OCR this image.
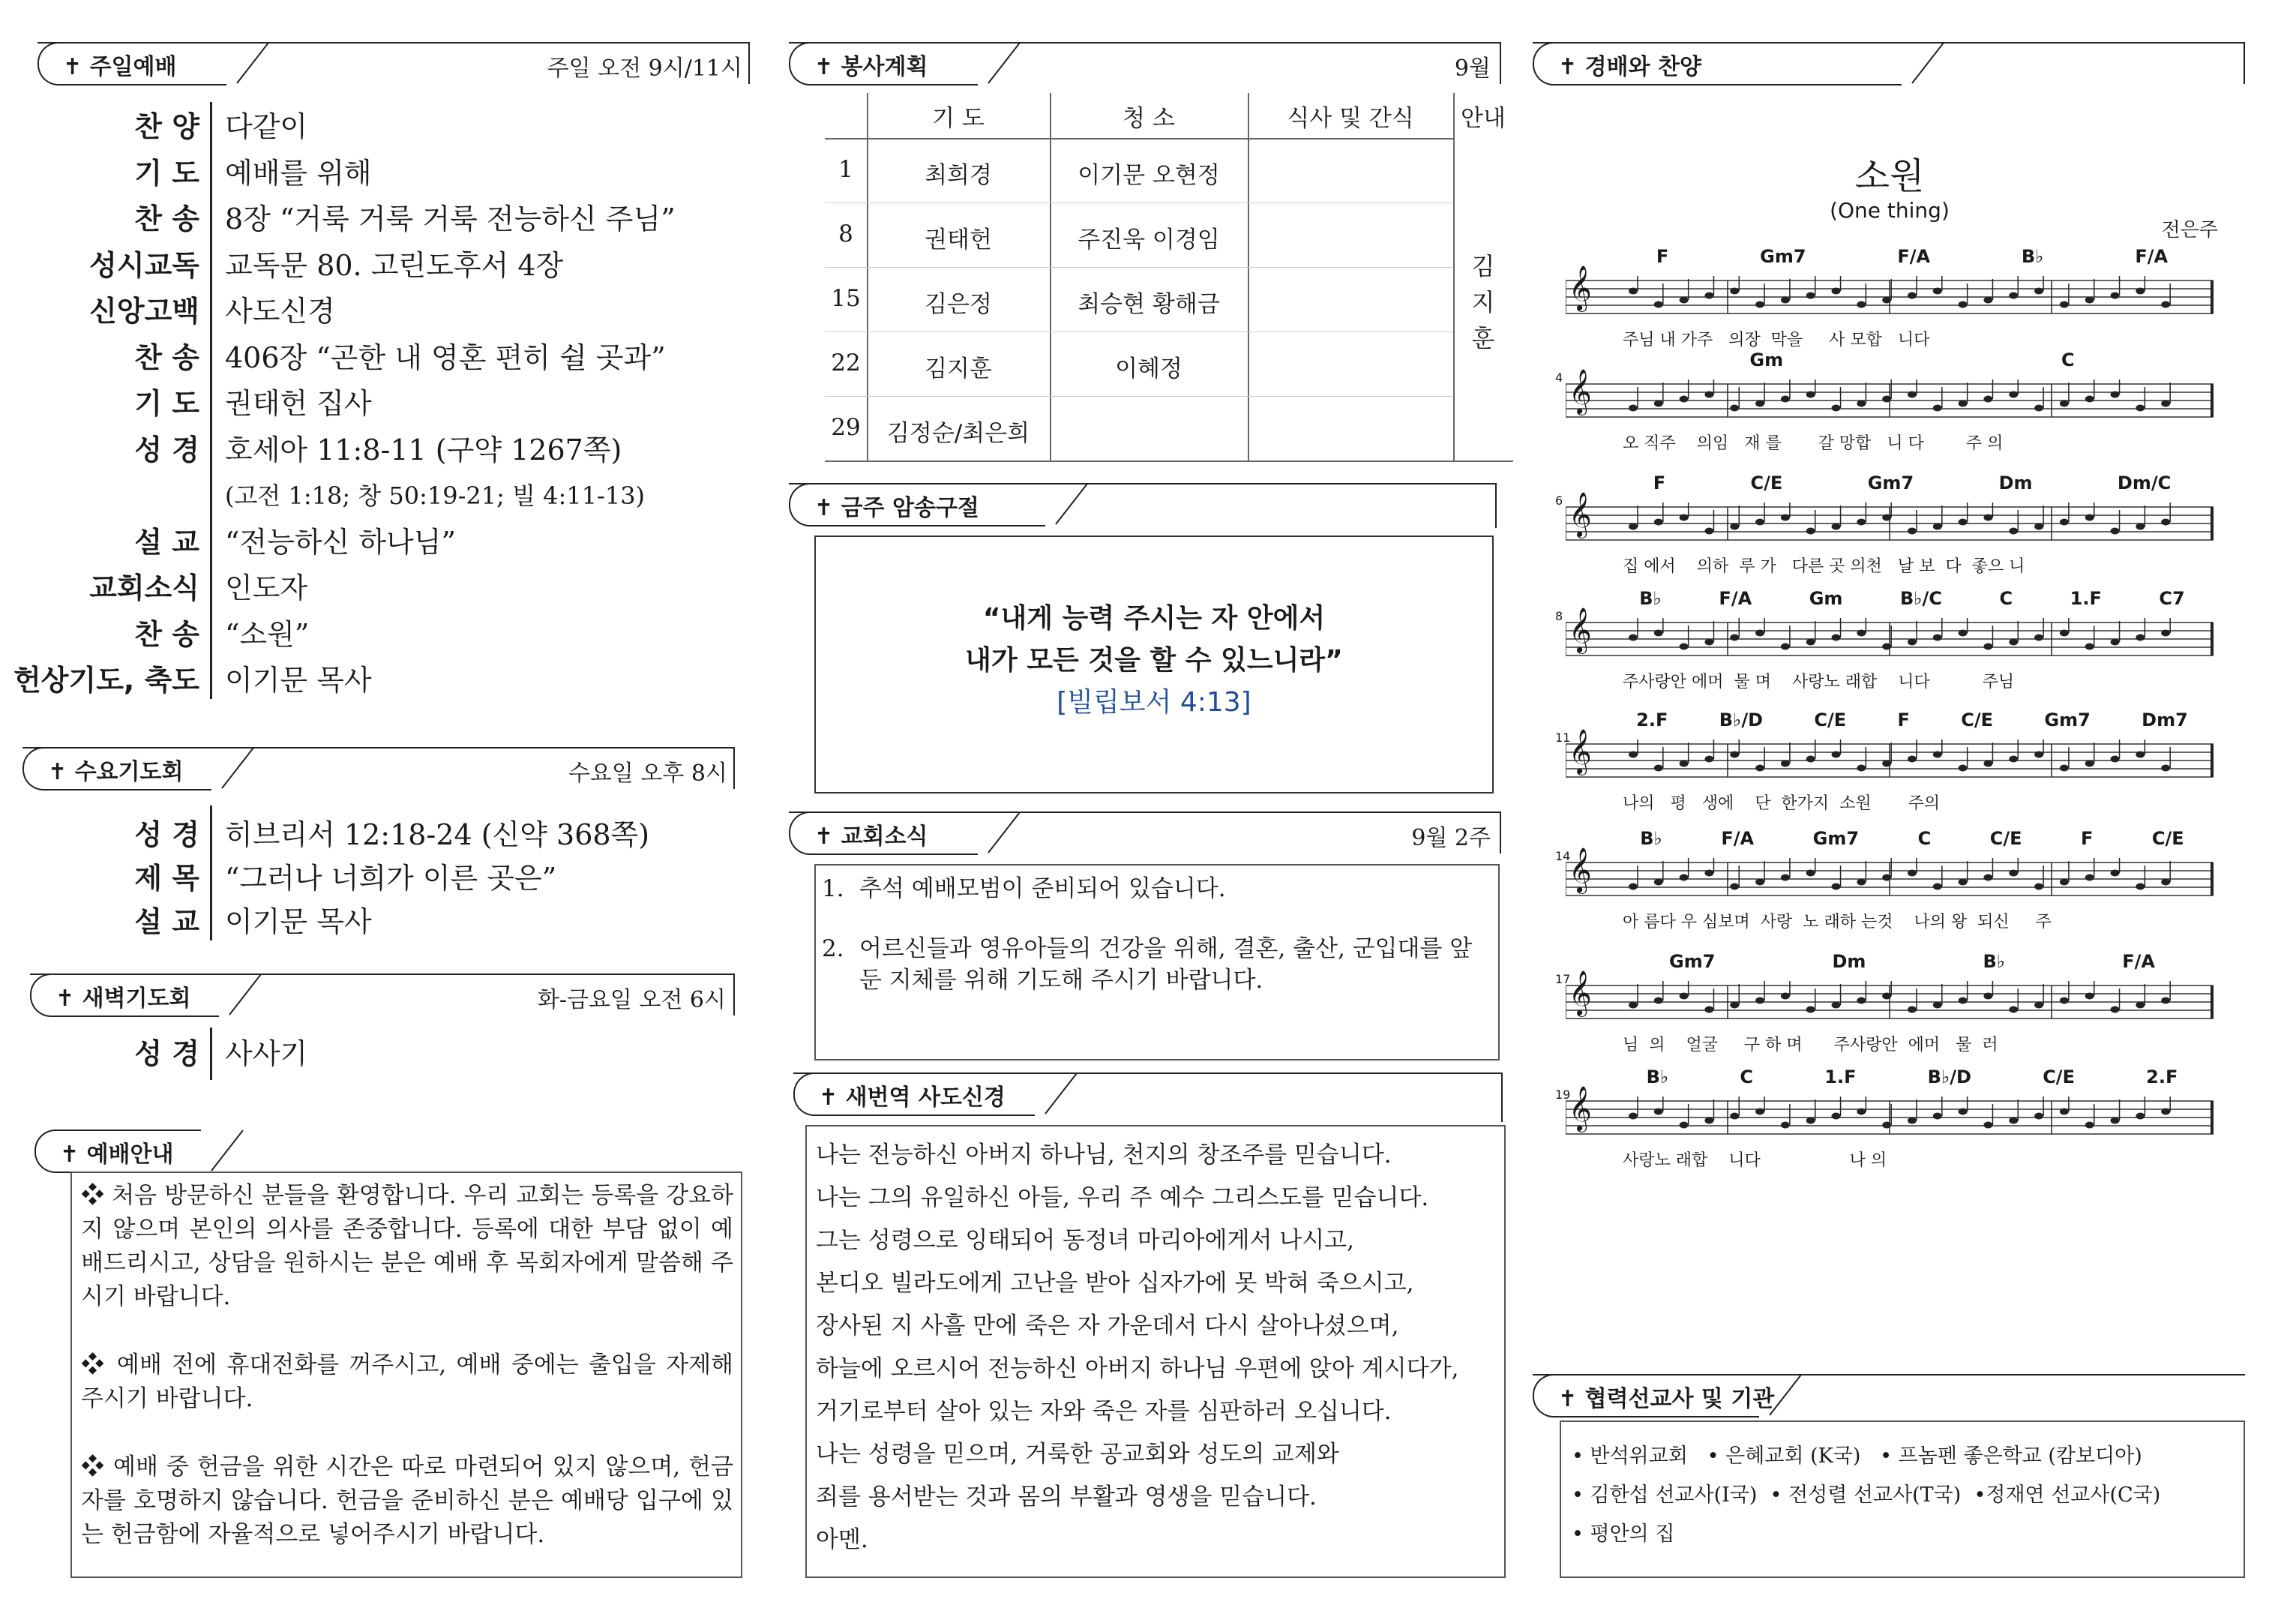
✝ 주일예배	주일 오전 9시/11시
찬 양 다같이
기 도 예배를 위해
찬 송 8장 “거룩 거룩 거룩 전능하신 주님”
성시교독 교독문 80. 고린도후서 4장
신앙고백 사도신경
찬 송 406장 “곤한 내 영혼 편히 쉴 곳과”
기 도 권태헌 집사
성 경 호세아 11:8-11 (구약 1267쪽)
(고전 1:18; 창 50:19-21; 빌 4:11-13)
설 교 “전능하신 하나님”
교회소식 인도자
찬 송 “소원”
헌상기도, 축도 이기문 목사
✝ 수요기도회	수요일 오후 8시
성 경 히브리서 12:18-24 (신약 368쪽)
제 목 “그러나 너희가 이른 곳은”
설 교 이기문 목사
✝ 새벽기도회	화-금요일 오전 6시
성 경 사사기
✝ 예배안내
❖ 처음 방문하신 분들을 환영합니다. 우리 교회는 등록을 강요하지 않으며 본인의 의사를 존중합니다. 등록에 대한 부담 없이 예배드리시고, 상담을 원하시는 분은 예배 후 목회자에게 말씀해 주시기 바랍니다.
❖ 예배 전에 휴대전화를 꺼주시고, 예배 중에는 출입을 자제해 주시기 바랍니다.
❖ 예배 중 헌금을 위한 시간은 따로 마련되어 있지 않으며, 헌금자를 호명하지 않습니다. 헌금을 준비하신 분은 예배당 입구에 있는 헌금함에 자율적으로 넣어주시기 바랍니다.
✝ 봉사계획	9월
기 도	청 소	식사 및 간식	안내
1	최희경	이기문 오현정
8	권태헌	주진욱 이경임
15	김은정	최승현 황해금
22	김지훈	이혜정
29	김정순/최은희
김
지
훈
✝ 금주 암송구절
“내게 능력 주시는 자 안에서
내가 모든 것을 할 수 있느니라”
[빌립보서 4:13]
✝ 교회소식	9월 2주
1. 추석 예배모범이 준비되어 있습니다.
2. 어르신들과 영유아들의 건강을 위해, 결혼, 출산, 군입대를 앞둔 지체를 위해 기도해 주시기 바랍니다.
✝ 새번역 사도신경
나는 전능하신 아버지 하나님, 천지의 창조주를 믿습니다.
나는 그의 유일하신 아들, 우리 주 예수 그리스도를 믿습니다.
그는 성령으로 잉태되어 동정녀 마리아에게서 나시고,
본디오 빌라도에게 고난을 받아 십자가에 못 박혀 죽으시고,
장사된 지 사흘 만에 죽은 자 가운데서 다시 살아나셨으며,
하늘에 오르시어 전능하신 아버지 하나님 우편에 앉아 계시다가,
거기로부터 살아 있는 자와 죽은 자를 심판하러 오십니다.
나는 성령을 믿으며, 거룩한 공교회와 성도의 교제와
죄를 용서받는 것과 몸의 부활과 영생을 믿습니다.
아멘.
✝ 경배와 찬양
소원
(One thing)
전은주
F	Gm7	F/A	B♭	F/A
𝄞
주님 내 가주   의장  막을     사 모합   니다
Gm	C
4 𝄞
오 직주    의임   재 를       갈 망합   니 다        주 의
F	C/E	Gm7	Dm	Dm/C
6 𝄞
집 에서    의하  루 가   다른 곳 의천   날 보  다  좋으 니
B♭	F/A	Gm	B♭/C	C	1.F	C7
8 𝄞
주사랑안 에머  물 며    사랑노 래합    니다          주님
2.F	B♭/D	C/E	F	C/E	Gm7	Dm7
11
𝄞
나의   평   생에    단  한가지  소원       주의
B♭	F/A	Gm7	C	C/E	F	C/E
14
𝄞
아 름다 우 심보며  사랑  노 래하 는것    나의 왕  되신     주
Gm7	Dm	B♭	F/A
17
𝄞
님  의    얼굴     구 하 며      주사랑안  에머   물  러
B♭	C	1.F	B♭/D	C/E	2.F
19
𝄞
사랑노 래합    니다                 나 의
✝ 협력선교사 및 기관
• 반석위교회   • 은혜교회 (K국)   • 프놈펜 좋은학교 (캄보디아)
• 김한섭 선교사(I국)  • 전성렬 선교사(T국)  •정재연 선교사(C국)
• 평안의 집
